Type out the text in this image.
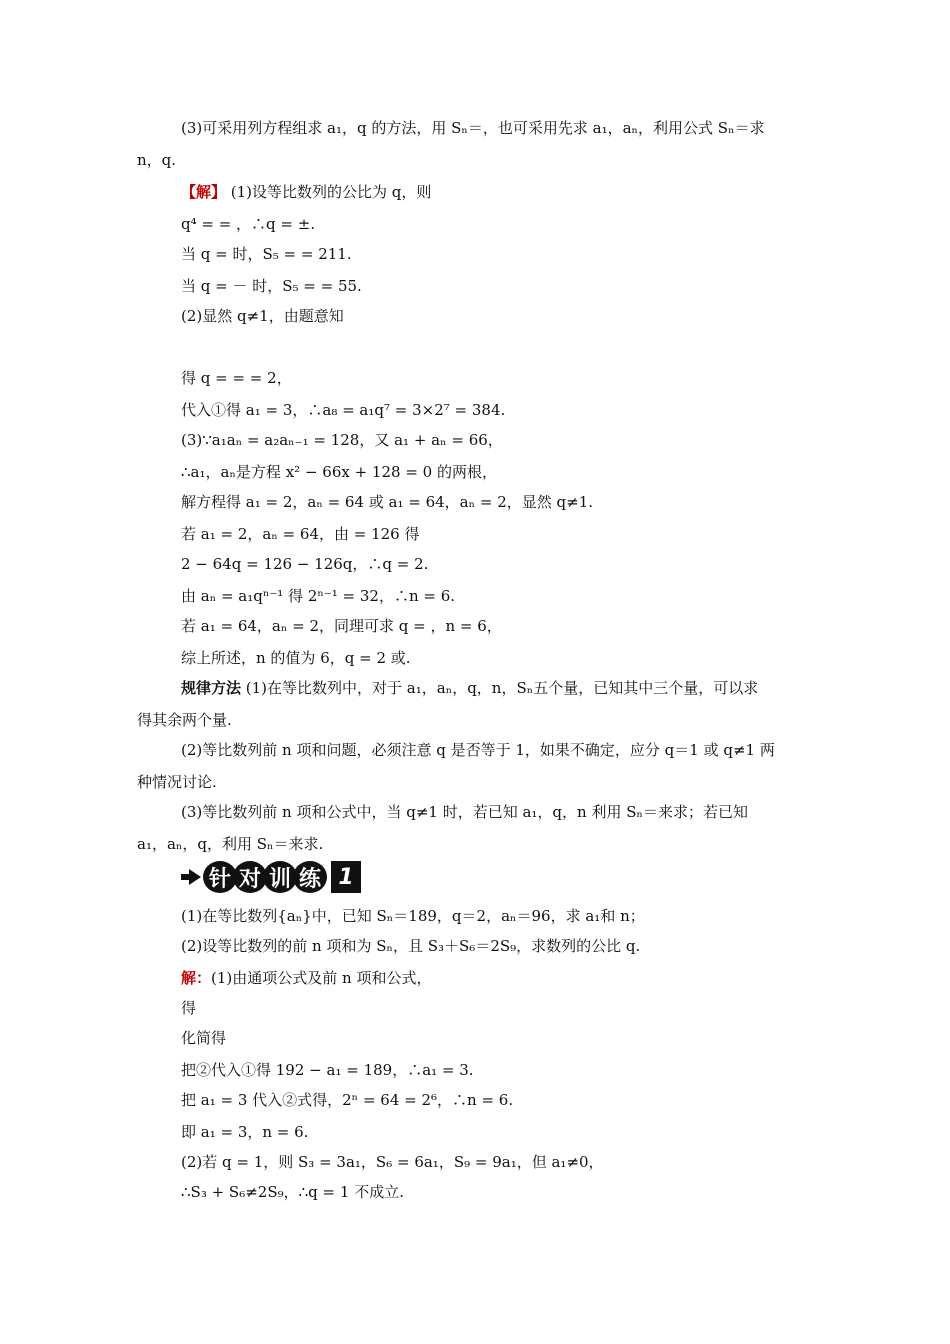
(3)可采用列方程组求 a₁，q 的方法，用 Sₙ＝，也可采用先求 a₁，aₙ，利用公式 Sₙ＝求
n，q.
【解】 (1)设等比数列的公比为 q，则
q⁴ = = ，∴q = ±.
当 q = 时，S₅ = = 211.
当 q = － 时，S₅ = = 55.
(2)显然 q≠1，由题意知
得 q = = = 2，
代入①得 a₁ = 3，∴a₈ = a₁q⁷ = 3×2⁷ = 384.
(3)∵a₁aₙ = a₂aₙ₋₁ = 128，又 a₁ + aₙ = 66，
∴a₁，aₙ是方程 x² − 66x + 128 = 0 的两根，
解方程得 a₁ = 2，aₙ = 64 或 a₁ = 64，aₙ = 2，显然 q≠1.
若 a₁ = 2，aₙ = 64，由 = 126 得
2 − 64q = 126 − 126q，∴q = 2.
由 aₙ = a₁qⁿ⁻¹ 得 2ⁿ⁻¹ = 32，∴n = 6.
若 a₁ = 64，aₙ = 2，同理可求 q = ，n = 6，
综上所述，n 的值为 6，q = 2 或.
规律方法 (1)在等比数列中，对于 a₁，aₙ，q，n，Sₙ五个量，已知其中三个量，可以求
得其余两个量.
(2)等比数列前 n 项和问题，必须注意 q 是否等于 1，如果不确定，应分 q＝1 或 q≠1 两
种情况讨论.
(3)等比数列前 n 项和公式中，当 q≠1 时，若已知 a₁，q，n 利用 Sₙ＝来求；若已知
a₁，aₙ，q，利用 Sₙ＝来求.
(1)在等比数列{aₙ}中，已知 Sₙ＝189，q＝2，aₙ＝96，求 a₁和 n；
(2)设等比数列的前 n 项和为 Sₙ，且 S₃＋S₆＝2S₉，求数列的公比 q.
解：(1)由通项公式及前 n 项和公式，
得
化简得
把②代入①得 192 − a₁ = 189，∴a₁ = 3.
把 a₁ = 3 代入②式得，2ⁿ = 64 = 2⁶，∴n = 6.
即 a₁ = 3，n = 6.
(2)若 q = 1，则 S₃ = 3a₁，S₆ = 6a₁，S₉ = 9a₁，但 a₁≠0，
∴S₃ + S₆≠2S₉，∴q = 1 不成立.
针 对 训 练 1
